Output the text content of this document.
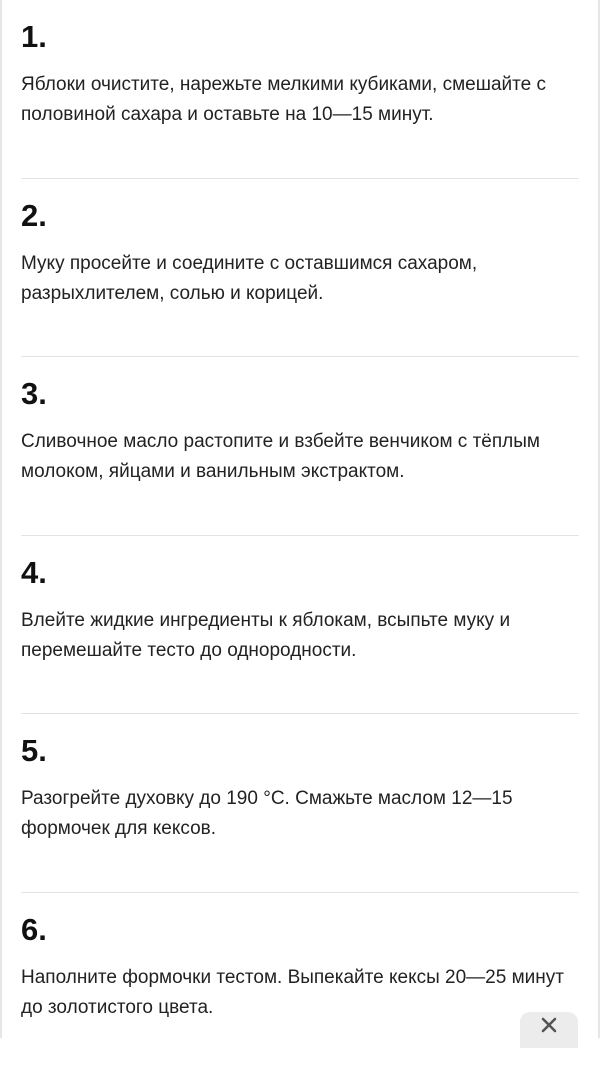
1.
Яблоки очистите, нарежьте мелкими кубиками, смешайте с половиной сахара и оставьте на 10—15 минут.
2.
Муку просейте и соедините с оставшимся сахаром, разрыхлителем, солью и корицей.
3.
Сливочное масло растопите и взбейте венчиком с тёплым молоком, яйцами и ванильным экстрактом.
4.
Влейте жидкие ингредиенты к яблокам, всыпьте муку и перемешайте тесто до однородности.
5.
Разогрейте духовку до 190 °C. Смажьте маслом 12—15 формочек для кексов.
6.
Наполните формочки тестом. Выпекайте кексы 20—25 минут до золотистого цвета.
